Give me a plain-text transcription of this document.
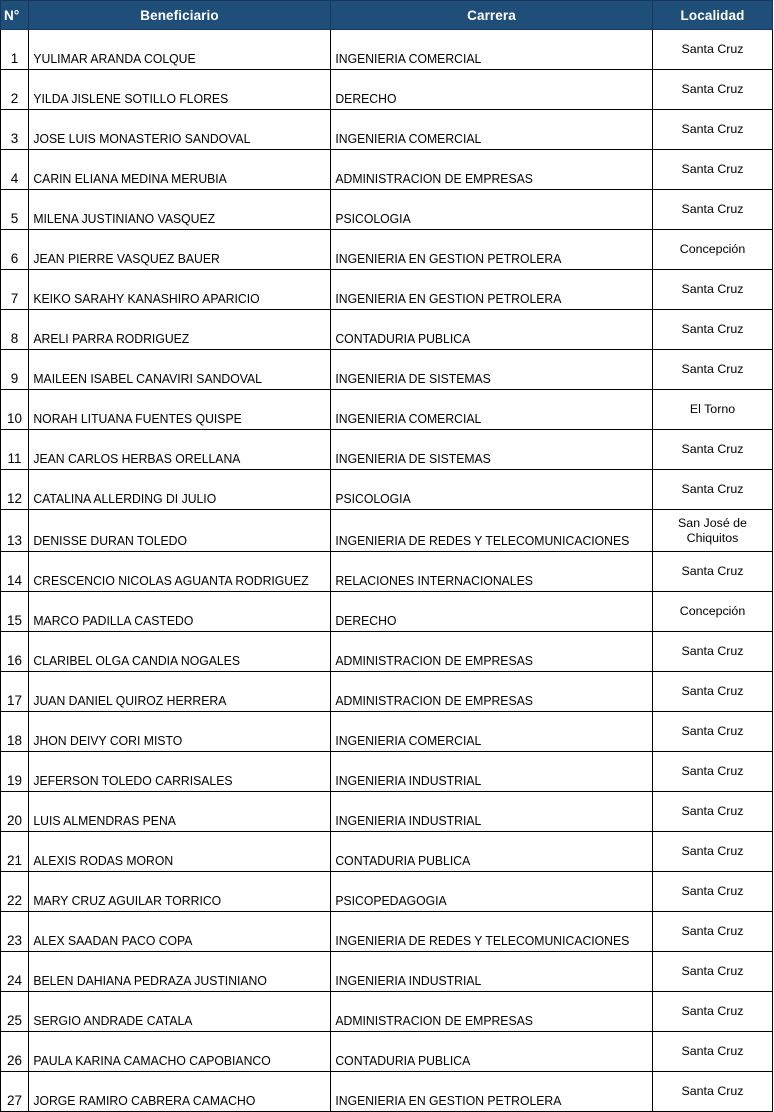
N°	Beneficiario	Carrera	Localidad
1	YULIMAR ARANDA COLQUE	INGENIERIA COMERCIAL	Santa Cruz
2	YILDA JISLENE SOTILLO FLORES	DERECHO	Santa Cruz
3	JOSE LUIS MONASTERIO SANDOVAL	INGENIERIA COMERCIAL	Santa Cruz
4	CARIN ELIANA MEDINA MERUBIA	ADMINISTRACION DE EMPRESAS	Santa Cruz
5	MILENA JUSTINIANO VASQUEZ	PSICOLOGIA	Santa Cruz
6	JEAN PIERRE VASQUEZ BAUER	INGENIERIA EN GESTION PETROLERA	Concepción
7	KEIKO SARAHY KANASHIRO APARICIO	INGENIERIA EN GESTION PETROLERA	Santa Cruz
8	ARELI PARRA RODRIGUEZ	CONTADURIA PUBLICA	Santa Cruz
9	MAILEEN ISABEL CANAVIRI SANDOVAL	INGENIERIA DE SISTEMAS	Santa Cruz
10	NORAH LITUANA FUENTES QUISPE	INGENIERIA COMERCIAL	El Torno
11	JEAN CARLOS HERBAS ORELLANA	INGENIERIA DE SISTEMAS	Santa Cruz
12	CATALINA ALLERDING DI JULIO	PSICOLOGIA	Santa Cruz
13	DENISSE DURAN TOLEDO	INGENIERIA DE REDES Y TELECOMUNICACIONES	San José de Chiquitos
14	CRESCENCIO NICOLAS AGUANTA RODRIGUEZ	RELACIONES INTERNACIONALES	Santa Cruz
15	MARCO PADILLA CASTEDO	DERECHO	Concepción
16	CLARIBEL OLGA CANDIA NOGALES	ADMINISTRACION DE EMPRESAS	Santa Cruz
17	JUAN DANIEL QUIROZ HERRERA	ADMINISTRACION DE EMPRESAS	Santa Cruz
18	JHON DEIVY CORI MISTO	INGENIERIA COMERCIAL	Santa Cruz
19	JEFERSON TOLEDO CARRISALES	INGENIERIA INDUSTRIAL	Santa Cruz
20	LUIS ALMENDRAS PENA	INGENIERIA INDUSTRIAL	Santa Cruz
21	ALEXIS RODAS MORON	CONTADURIA PUBLICA	Santa Cruz
22	MARY CRUZ AGUILAR TORRICO	PSICOPEDAGOGIA	Santa Cruz
23	ALEX SAADAN PACO COPA	INGENIERIA DE REDES Y TELECOMUNICACIONES	Santa Cruz
24	BELEN DAHIANA PEDRAZA JUSTINIANO	INGENIERIA INDUSTRIAL	Santa Cruz
25	SERGIO ANDRADE CATALA	ADMINISTRACION DE EMPRESAS	Santa Cruz
26	PAULA KARINA CAMACHO CAPOBIANCO	CONTADURIA PUBLICA	Santa Cruz
27	JORGE RAMIRO CABRERA CAMACHO	INGENIERIA EN GESTION PETROLERA	Santa Cruz
